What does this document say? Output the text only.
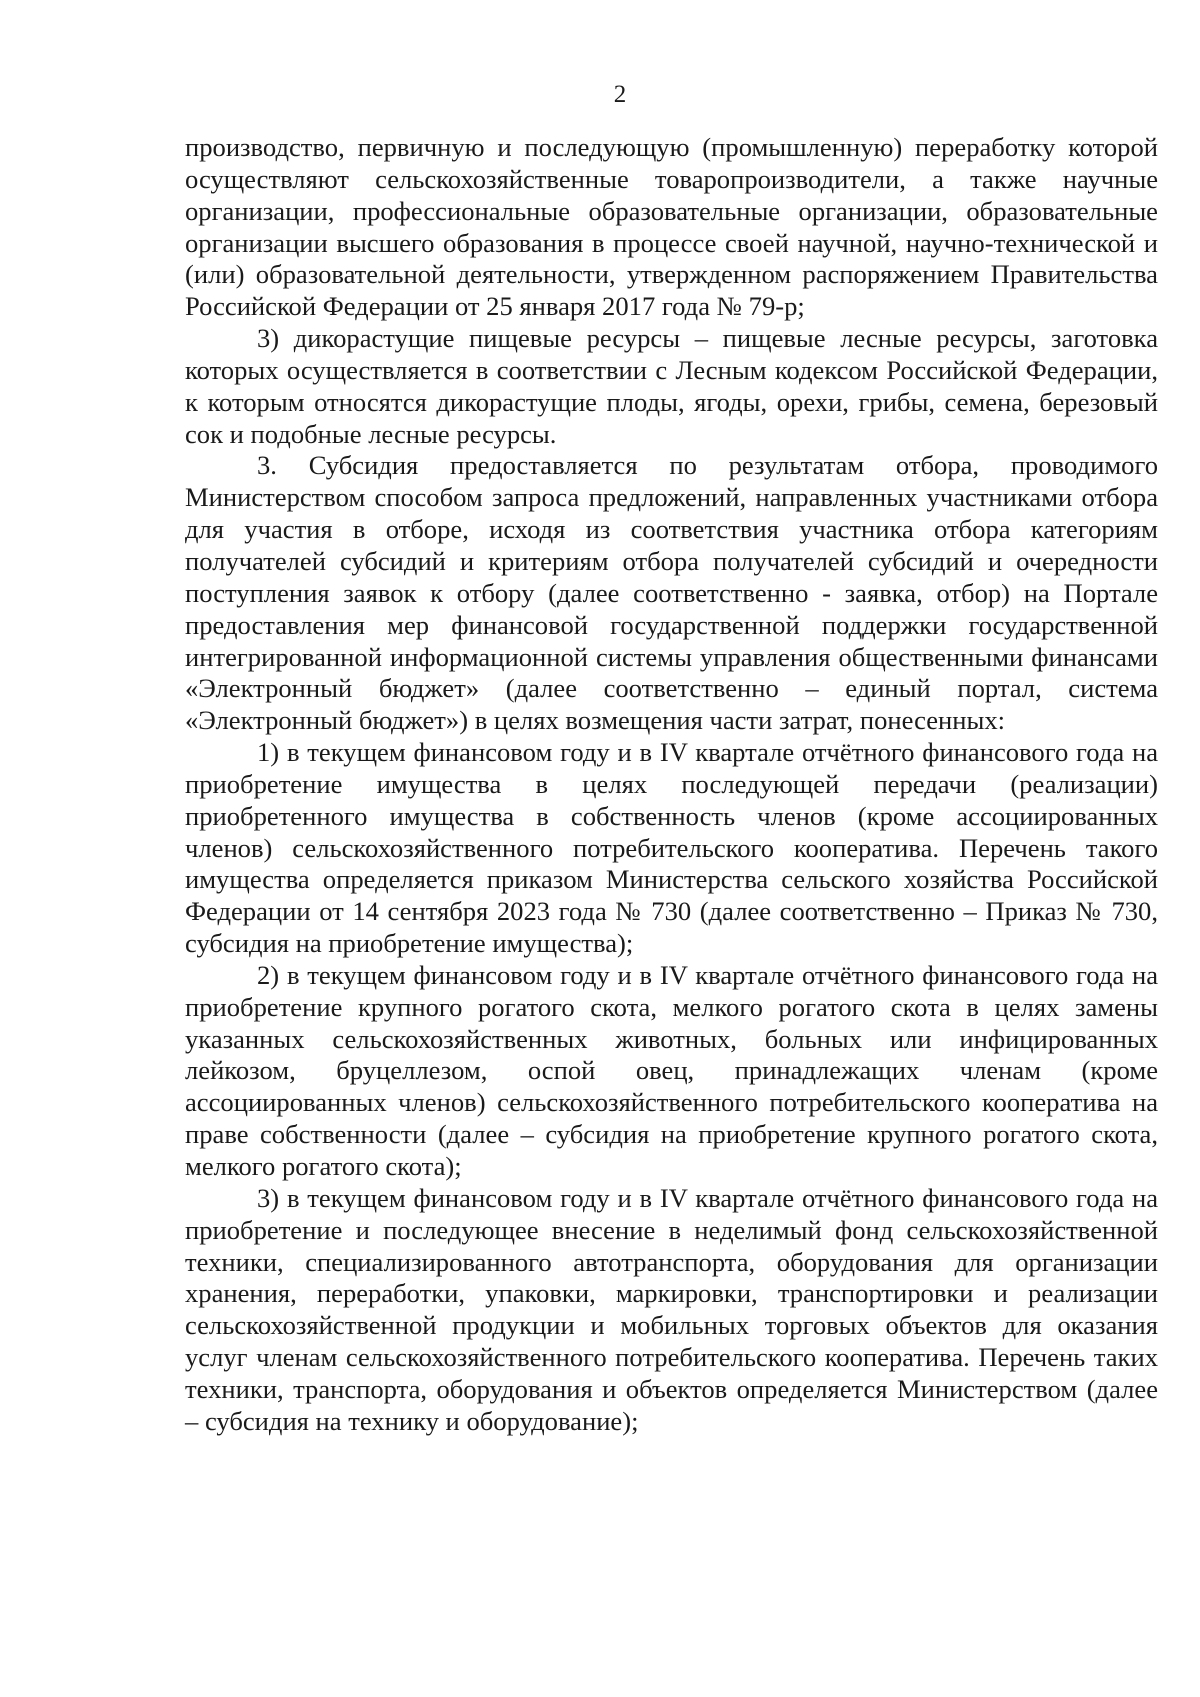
2

производство, первичную и последующую (промышленную) переработку которой осуществляют сельскохозяйственные товаропроизводители, а также научные организации, профессиональные образовательные организации, образовательные организации высшего образования в процессе своей научной, научно-технической и (или) образовательной деятельности, утвержденном распоряжением Правительства Российской Федерации от 25 января 2017 года № 79-р;

3) дикорастущие пищевые ресурсы – пищевые лесные ресурсы, заготовка которых осуществляется в соответствии с Лесным кодексом Российской Федерации, к которым относятся дикорастущие плоды, ягоды, орехи, грибы, семена, березовый сок и подобные лесные ресурсы.

3. Субсидия предоставляется по результатам отбора, проводимого Министерством способом запроса предложений, направленных участниками отбора для участия в отборе, исходя из соответствия участника отбора категориям получателей субсидий и критериям отбора получателей субсидий и очередности поступления заявок к отбору (далее соответственно - заявка, отбор) на Портале предоставления мер финансовой государственной поддержки государственной интегрированной информационной системы управления общественными финансами «Электронный бюджет» (далее соответственно – единый портал, система «Электронный бюджет») в целях возмещения части затрат, понесенных:

1) в текущем финансовом году и в IV квартале отчётного финансового года на приобретение имущества в целях последующей передачи (реализации) приобретенного имущества в собственность членов (кроме ассоциированных членов) сельскохозяйственного потребительского кооператива. Перечень такого имущества определяется приказом Министерства сельского хозяйства Российской Федерации от 14 сентября 2023 года № 730 (далее соответственно – Приказ № 730, субсидия на приобретение имущества);

2) в текущем финансовом году и в IV квартале отчётного финансового года на приобретение крупного рогатого скота, мелкого рогатого скота в целях замены указанных сельскохозяйственных животных, больных или инфицированных лейкозом, бруцеллезом, оспой овец, принадлежащих членам (кроме ассоциированных членов) сельскохозяйственного потребительского кооператива на праве собственности (далее – субсидия на приобретение крупного рогатого скота, мелкого рогатого скота);

3) в текущем финансовом году и в IV квартале отчётного финансового года на приобретение и последующее внесение в неделимый фонд сельскохозяйственной техники, специализированного автотранспорта, оборудования для организации хранения, переработки, упаковки, маркировки, транспортировки и реализации сельскохозяйственной продукции и мобильных торговых объектов для оказания услуг членам сельскохозяйственного потребительского кооператива. Перечень таких техники, транспорта, оборудования и объектов определяется Министерством (далее – субсидия на технику и оборудование);
